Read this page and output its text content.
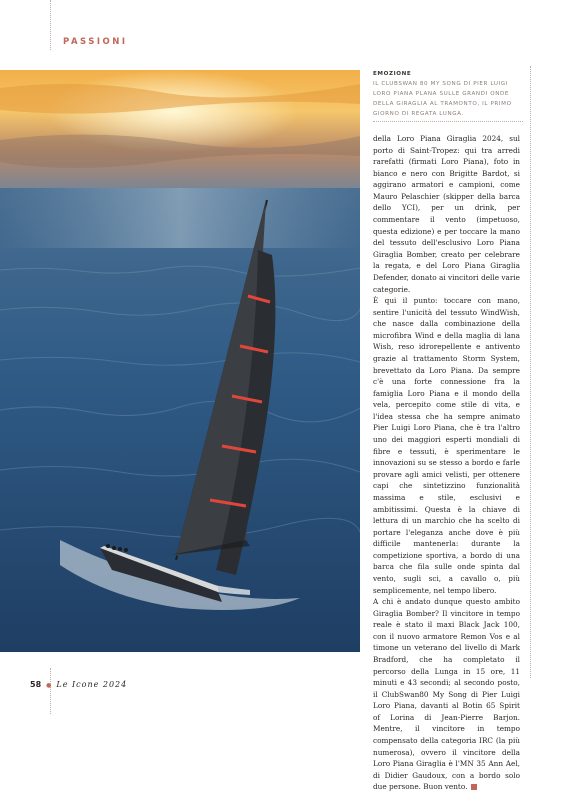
PASSIONI
EMOZIONE
IL CLUBSWAN 80 MY SONG DI PIER LUIGI LORO PIANA PLANA SULLE GRANDI ONDE DELLA GIRAGLIA AL TRAMONTO, IL PRIMO GIORNO DI REGATA LUNGA.

della Loro Piana Giraglia 2024, sul porto di Saint-Tropez: qui tra arredi rarefatti (firmati Loro Piana), foto in bianco e nero con Brigitte Bardot, si aggirano armatori e campioni, come Mauro Pelaschier (skipper della barca dello YCI), per un drink, per commentare il vento (impetuoso, questa edizione) e per toccare la mano del tessuto dell'esclusivo Loro Piana Giraglia Bomber, creato per celebrare la regata, e del Loro Piana Giraglia Defender, donato ai vincitori delle varie categorie.

È qui il punto: toccare con mano, sentire l'unicità del tessuto WindWish, che nasce dalla combinazione della microfibra Wind e della maglia di lana Wish, reso idrorepellente e antivento grazie al trattamento Storm System, brevettato da Loro Piana. Da sempre c'è una forte connessione fra la famiglia Loro Piana e il mondo della vela, percepito come stile di vita, e l'idea stessa che ha sempre animato Pier Luigi Loro Piana, che è tra l'altro uno dei maggiori esperti mondiali di fibre e tessuti, è sperimentare le innovazioni su se stesso a bordo e farle provare agli amici velisti, per ottenere capi che sintetizzino funzionalità massima e stile, esclusivi e ambitissimi. Questa è la chiave di lettura di un marchio che ha scelto di portare l'eleganza anche dove è più difficile mantenerla: durante la competizione sportiva, a bordo di una barca che fila sulle onde spinta dal vento, sugli sci, a cavallo o, più semplicemente, nel tempo libero.

A chi è andato dunque questo ambito Giraglia Bomber? Il vincitore in tempo reale è stato il maxi Black Jack 100, con il nuovo armatore Remon Vos e al timone un veterano del livello di Mark Bradford, che ha completato il percorso della Lunga in 15 ore, 11 minuti e 43 secondi; al secondo posto, il ClubSwan80 My Song di Pier Luigi Loro Piana, davanti al Botin 65 Spirit of Lorina di Jean-Pierre Barjon. Mentre, il vincitore in tempo compensato della categoria IRC (la più numerosa), ovvero il vincitore della Loro Piana Giraglia è l'MN 35 Ann Ael, di Didier Gaudoux, con a bordo solo due persone. Buon vento.

58 ● Le Icone 2024
